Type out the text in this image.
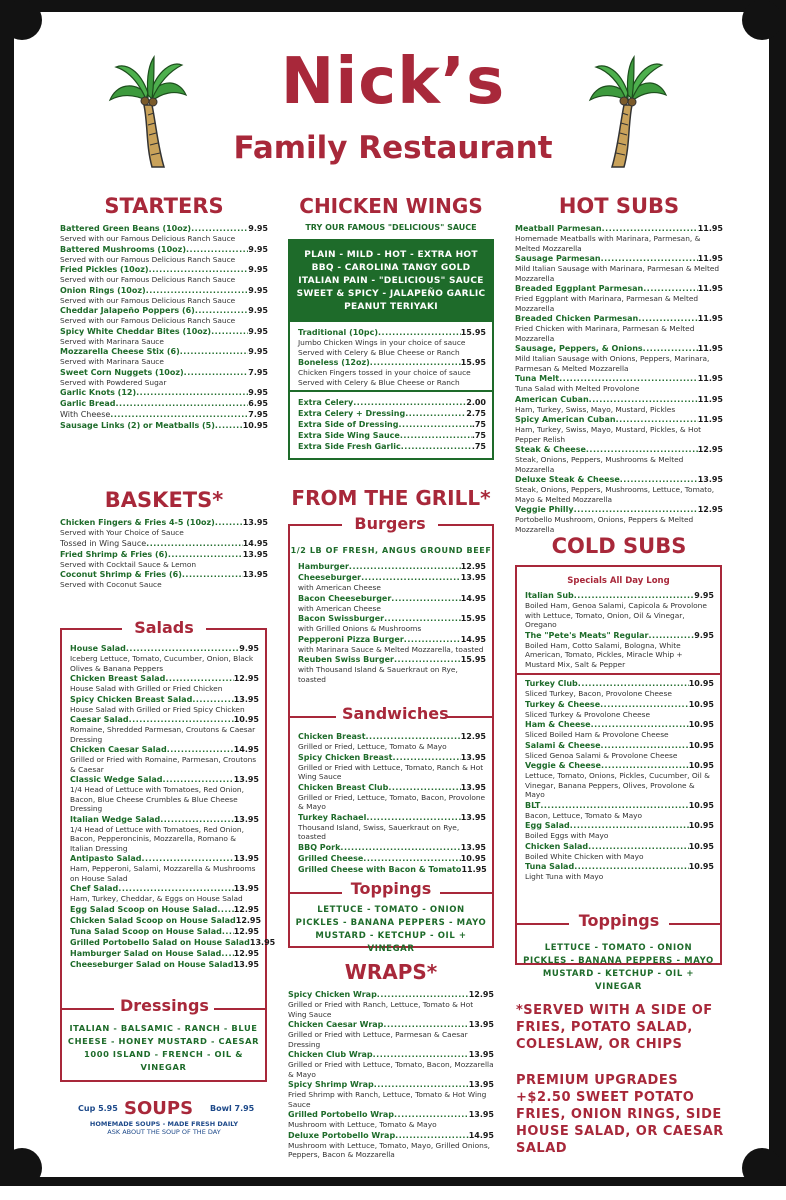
Nick’s
Family Restaurant
STARTERS
Battered Green Beans (10oz) .....	9.95
Served with our Famous Delicious Ranch Sauce
Battered Mushrooms (10oz) .....	9.95
Served with our Famous Delicious Ranch Sauce
Fried Pickles (10oz) .....	9.95
Served with our Famous Delicious Ranch Sauce
Onion Rings (10oz) .....	9.95
Served with our Famous Delicious Ranch Sauce
Cheddar Jalapeño Poppers (6) .....	9.95
Served with our Famous Delicious Ranch Sauce
Spicy White Cheddar Bites (10oz) .....	9.95
Served with Marinara Sauce
Mozzarella Cheese Stix (6) .....	9.95
Served with Marinara Sauce
Sweet Corn Nuggets (10oz) .....	7.95
Served with Powdered Sugar
Garlic Knots (12) .....	9.95
Garlic Bread .....	6.95
With Cheese .....	7.95
Sausage Links (2) or Meatballs (5) .....	10.95
BASKETS*
Chicken Fingers & Fries 4-5 (10oz) .....	13.95
Served with Your Choice of Sauce
Tossed in Wing Sauce .....	14.95
Fried Shrimp & Fries (6) .....	13.95
Served with Cocktail Sauce & Lemon
Coconut Shrimp & Fries (6) .....	13.95
Served with Coconut Sauce
Salads
House Salad .....	9.95
Iceberg Lettuce, Tomato, Cucumber, Onion, Black Olives & Banana Peppers
Chicken Breast Salad .....	12.95
House Salad with Grilled or Fried Chicken
Spicy Chicken Breast Salad .....	13.95
House Salad with Grilled or Fried Spicy Chicken
Caesar Salad .....	10.95
Romaine, Shredded Parmesan, Croutons & Caesar Dressing
Chicken Caesar Salad .....	14.95
Grilled or Fried with Romaine, Parmesan, Croutons & Caesar
Classic Wedge Salad .....	13.95
1/4 Head of Lettuce with Tomatoes, Red Onion, Bacon, Blue Cheese Crumbles & Blue Cheese Dressing
Italian Wedge Salad .....	13.95
1/4 Head of Lettuce with Tomatoes, Red Onion, Bacon, Pepperoncinis, Mozzarella, Romano & Italian Dressing
Antipasto Salad .....	13.95
Ham, Pepperoni, Salami, Mozzarella & Mushrooms on House Salad
Chef Salad .....	13.95
Ham, Turkey, Cheddar, & Eggs on House Salad
Egg Salad Scoop on House Salad ..... 12.95
Chicken Salad Scoop on House Salad 12.95
Tuna Salad Scoop on House Salad ..... 12.95
Grilled Portobello Salad on House Salad 13.95
Hamburger Salad on House Salad ..... 12.95
Cheeseburger Salad on House Salad ..... 13.95
Dressings
ITALIAN - BALSAMIC - RANCH - BLUE
CHEESE - HONEY MUSTARD - CAESAR
1000 ISLAND - FRENCH - OIL & VINEGAR
Cup 5.95 SOUPS Bowl 7.95
HOMEMADE SOUPS - MADE FRESH DAILY
ASK ABOUT THE SOUP OF THE DAY
CHICKEN WINGS
TRY OUR FAMOUS "DELICIOUS" SAUCE
PLAIN - MILD - HOT - EXTRA HOT
BBQ - CAROLINA TANGY GOLD
ITALIAN PAIN - "DELICIOUS" SAUCE
SWEET & SPICY - JALAPEÑO GARLIC
PEANUT TERIYAKI
Traditional (10pc) .....	15.95
Jumbo Chicken Wings in your choice of sauce Served with Celery & Blue Cheese or Ranch
Boneless (12oz) .....	15.95
Chicken Fingers tossed in your choice of sauce Served with Celery & Blue Cheese or Ranch
Extra Celery .....	2.00
Extra Celery + Dressing .....	2.75
Extra Side of Dressing .....	.75
Extra Side Wing Sauce .....	.75
Extra Side Fresh Garlic .....	.75
FROM THE GRILL*
Burgers
1/2 LB OF FRESH, ANGUS GROUND BEEF
Hamburger .....	12.95
Cheeseburger .....	13.95
with American Cheese
Bacon Cheeseburger .....	14.95
with American Cheese
Bacon Swissburger .....	15.95
with Grilled Onions & Mushrooms
Pepperoni Pizza Burger .....	14.95
with Marinara Sauce & Melted Mozzarella, toasted
Reuben Swiss Burger .....	15.95
with Thousand Island & Sauerkraut on Rye, toasted
Sandwiches
Chicken Breast .....	12.95
Grilled or Fried, Lettuce, Tomato & Mayo
Spicy Chicken Breast .....	13.95
Grilled or Fried with Lettuce, Tomato, Ranch & Hot Wing Sauce
Chicken Breast Club .....	13.95
Grilled or Fried, Lettuce, Tomato, Bacon, Provolone & Mayo
Turkey Rachael .....	13.95
Thousand Island, Swiss, Sauerkraut on Rye, toasted
BBQ Pork .....	13.95
Grilled Cheese .....	10.95
Grilled Cheese with Bacon & Tomato 11.95
Toppings
LETTUCE - TOMATO - ONION
PICKLES - BANANA PEPPERS - MAYO
MUSTARD - KETCHUP - OIL + VINEGAR
WRAPS*
Spicy Chicken Wrap .....	12.95
Grilled or Fried with Ranch, Lettuce, Tomato & Hot Wing Sauce
Chicken Caesar Wrap .....	13.95
Grilled or Fried with Lettuce, Parmesan & Caesar Dressing
Chicken Club Wrap .....	13.95
Grilled or Fried with Lettuce, Tomato, Bacon, Mozzarella & Mayo
Spicy Shrimp Wrap .....	13.95
Fried Shrimp with Ranch, Lettuce, Tomato & Hot Wing Sauce
Grilled Portobello Wrap .....	13.95
Mushroom with Lettuce, Tomato & Mayo
Deluxe Portobello Wrap .....	14.95
Mushroom with Lettuce, Tomato, Mayo, Grilled Onions, Peppers, Bacon & Mozzarella
HOT SUBS
Meatball Parmesan .....	11.95
Homemade Meatballs with Marinara, Parmesan, & Melted Mozzarella
Sausage Parmesan .....	11.95
Mild Italian Sausage with Marinara, Parmesan & Melted Mozzarella
Breaded Eggplant Parmesan .....	11.95
Fried Eggplant with Marinara, Parmesan & Melted Mozzarella
Breaded Chicken Parmesan .....	11.95
Fried Chicken with Marinara, Parmesan & Melted Mozzarella
Sausage, Peppers, & Onions .....	11.95
Mild Italian Sausage with Onions, Peppers, Marinara, Parmesan & Melted Mozzarella
Tuna Melt .....	11.95
Tuna Salad with Melted Provolone
American Cuban .....	11.95
Ham, Turkey, Swiss, Mayo, Mustard, Pickles
Spicy American Cuban .....	11.95
Ham, Turkey, Swiss, Mayo, Mustard, Pickles, & Hot Pepper Relish
Steak & Cheese .....	12.95
Steak, Onions, Peppers, Mushrooms & Melted Mozzarella
Deluxe Steak & Cheese .....	13.95
Steak, Onions, Peppers, Mushrooms, Lettuce, Tomato, Mayo & Melted Mozzarella
Veggie Philly .....	12.95
Portobello Mushroom, Onions, Peppers & Melted Mozzarella
COLD SUBS
Specials All Day Long
Italian Sub .....	9.95
Boiled Ham, Genoa Salami, Capicola & Provolone with Lettuce, Tomato, Onion, Oil & Vinegar, Oregano
The "Pete's Meats" Regular .....	9.95
Boiled Ham, Cotto Salami, Bologna, White American, Tomato, Pickles, Miracle Whip + Mustard Mix, Salt & Pepper
Turkey Club .....	10.95
Sliced Turkey, Bacon, Provolone Cheese
Turkey & Cheese .....	10.95
Sliced Turkey & Provolone Cheese
Ham & Cheese .....	10.95
Sliced Boiled Ham & Provolone Cheese
Salami & Cheese .....	10.95
Sliced Genoa Salami & Provolone Cheese
Veggie & Cheese .....	10.95
Lettuce, Tomato, Onions, Pickles, Cucumber, Oil & Vinegar, Banana Peppers, Olives, Provolone & Mayo
BLT .....	10.95
Bacon, Lettuce, Tomato & Mayo
Egg Salad .....	10.95
Boiled Eggs with Mayo
Chicken Salad .....	10.95
Boiled White Chicken with Mayo
Tuna Salad .....	10.95
Light Tuna with Mayo
Toppings
LETTUCE - TOMATO - ONION
PICKLES - BANANA PEPPERS - MAYO
MUSTARD - KETCHUP - OIL + VINEGAR
*SERVED WITH A SIDE OF FRIES, POTATO SALAD, COLESLAW, OR CHIPS
PREMIUM UPGRADES +$2.50 SWEET POTATO FRIES, ONION RINGS, SIDE HOUSE SALAD, OR CAESAR SALAD
